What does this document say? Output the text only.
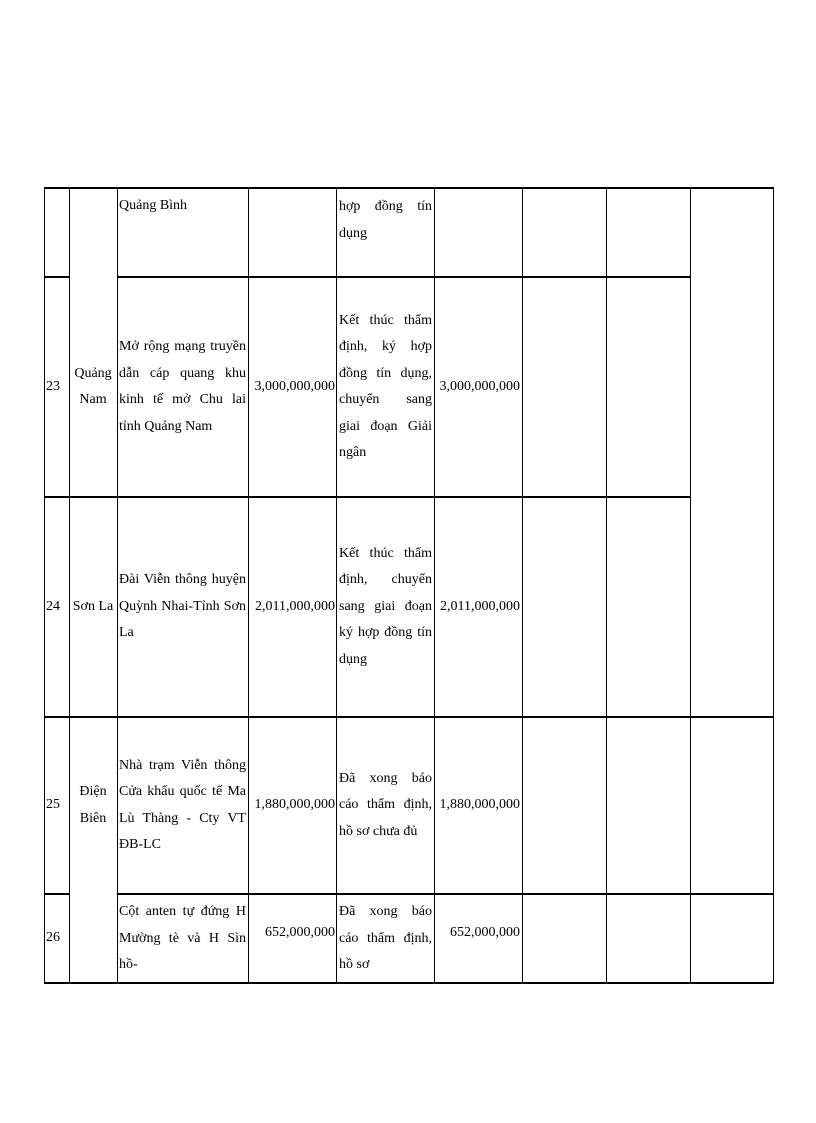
Quảng Bình	hợp đồng tín dụng
23
Quảng Nam
Mở rộng mạng truyền dẫn cáp quang khu kinh tế mở Chu lai tỉnh Quảng Nam
3,000,000,000
Kết thúc thẩm định, ký hợp đồng tín dụng, chuyển sang giai đoạn Giải ngân
3,000,000,000
24 Sơn La
Đài Viễn thông huyện Quỳnh Nhai-Tỉnh Sơn La
2,011,000,000
Kết thúc thẩm định, chuyển sang giai đoạn ký hợp đồng tín dụng
2,011,000,000
25
Điện Biên
Nhà trạm Viễn thông Cửa khẩu quốc tế Ma Lù Thàng - Cty VT ĐB-LC
1,880,000,000
Đã xong báo cáo thẩm định, hồ sơ chưa đủ
1,880,000,000
26
Cột anten tự đứng H Mường tè và H Sìn hồ-
652,000,000
Đã xong báo cáo thẩm định, hồ sơ
652,000,000
